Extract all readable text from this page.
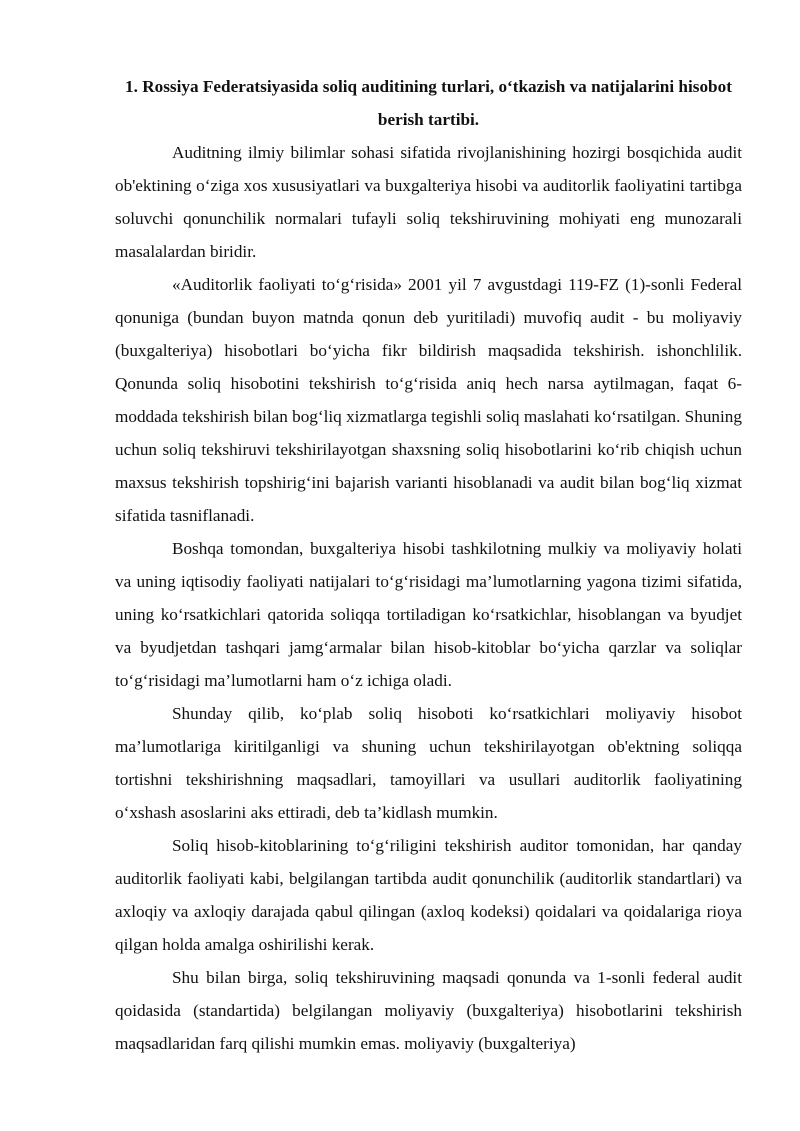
1. Rossiya Federatsiyasida soliq auditining turlari, o‘tkazish va natijalarini hisobot berish tartibi.

Auditning ilmiy bilimlar sohasi sifatida rivojlanishining hozirgi bosqichida audit ob'ektining o‘ziga xos xususiyatlari va buxgalteriya hisobi va auditorlik faoliyatini tartibga soluvchi qonunchilik normalari tufayli soliq tekshiruvining mohiyati eng munozarali masalalardan biridir.

«Auditorlik faoliyati to‘g‘risida» 2001 yil 7 avgustdagi 119-FZ (1)-sonli Federal qonuniga (bundan buyon matnda qonun deb yuritiladi) muvofiq audit - bu moliyaviy (buxgalteriya) hisobotlari bo‘yicha fikr bildirish maqsadida tekshirish. ishonchlilik. Qonunda soliq hisobotini tekshirish to‘g‘risida aniq hech narsa aytilmagan, faqat 6-moddada tekshirish bilan bog‘liq xizmatlarga tegishli soliq maslahati ko‘rsatilgan. Shuning uchun soliq tekshiruvi tekshirilayotgan shaxsning soliq hisobotlarini ko‘rib chiqish uchun maxsus tekshirish topshirig‘ini bajarish varianti hisoblanadi va audit bilan bog‘liq xizmat sifatida tasniflanadi.

Boshqa tomondan, buxgalteriya hisobi tashkilotning mulkiy va moliyaviy holati va uning iqtisodiy faoliyati natijalari to‘g‘risidagi ma’lumotlarning yagona tizimi sifatida, uning ko‘rsatkichlari qatorida soliqqa tortiladigan ko‘rsatkichlar, hisoblangan va byudjet va byudjetdan tashqari jamg‘armalar bilan hisob-kitoblar bo‘yicha qarzlar va soliqlar to‘g‘risidagi ma’lumotlarni ham o‘z ichiga oladi.

Shunday qilib, ko‘plab soliq hisoboti ko‘rsatkichlari moliyaviy hisobot ma’lumotlariga kiritilganligi va shuning uchun tekshirilayotgan ob'ektning soliqqa tortishni tekshirishning maqsadlari, tamoyillari va usullari auditorlik faoliyatining o‘xshash asoslarini aks ettiradi, deb ta’kidlash mumkin.

Soliq hisob-kitoblarining to‘g‘riligini tekshirish auditor tomonidan, har qanday auditorlik faoliyati kabi, belgilangan tartibda audit qonunchilik (auditorlik standartlari) va axloqiy va axloqiy darajada qabul qilingan (axloq kodeksi) qoidalari va qoidalariga rioya qilgan holda amalga oshirilishi kerak.

Shu bilan birga, soliq tekshiruvining maqsadi qonunda va 1-sonli federal audit qoidasida (standartida) belgilangan moliyaviy (buxgalteriya) hisobotlarini tekshirish maqsadlaridan farq qilishi mumkin emas. moliyaviy (buxgalteriya)
